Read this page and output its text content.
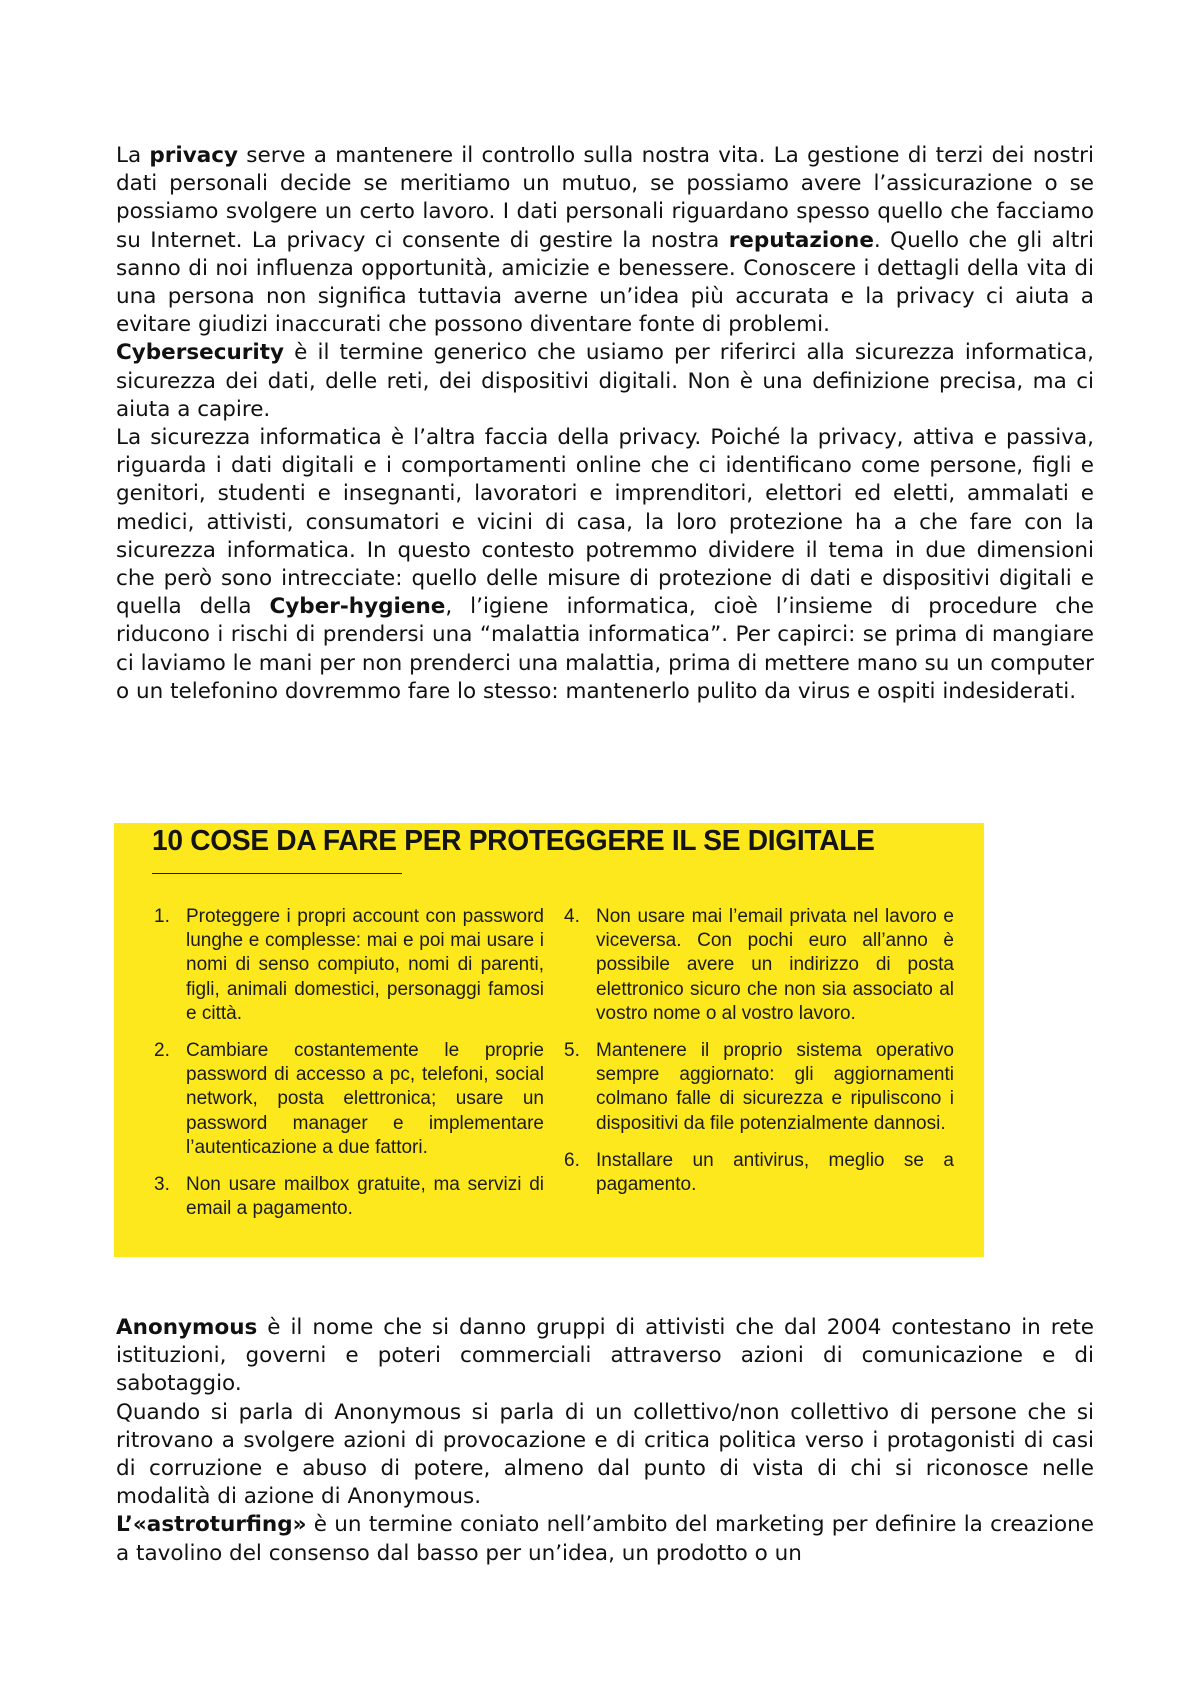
La privacy serve a mantenere il controllo sulla nostra vita. La gestione di terzi dei nostri dati personali decide se meritiamo un mutuo, se possiamo avere l’assicurazione o se possiamo svolgere un certo lavoro. I dati personali riguardano spesso quello che facciamo su Internet. La privacy ci consente di gestire la nostra reputazione. Quello che gli altri sanno di noi influenza opportunità, amicizie e benessere. Conoscere i dettagli della vita di una persona non significa tuttavia averne un’idea più accurata e la privacy ci aiuta a evitare giudizi inaccurati che possono diventare fonte di problemi.

Cybersecurity è il termine generico che usiamo per riferirci alla sicurezza informatica, sicurezza dei dati, delle reti, dei dispositivi digitali. Non è una definizione precisa, ma ci aiuta a capire.

La sicurezza informatica è l’altra faccia della privacy. Poiché la privacy, attiva e passiva, riguarda i dati digitali e i comportamenti online che ci identificano come persone, figli e genitori, studenti e insegnanti, lavoratori e imprenditori, elettori ed eletti, ammalati e medici, attivisti, consumatori e vicini di casa, la loro protezione ha a che fare con la sicurezza informatica. In questo contesto potremmo dividere il tema in due dimensioni che però sono intrecciate: quello delle misure di protezione di dati e dispositivi digitali e quella della Cyber-hygiene, l’igiene informatica, cioè l’insieme di procedure che riducono i rischi di prendersi una “malattia informatica”. Per capirci: se prima di mangiare ci laviamo le mani per non prenderci una malattia, prima di mettere mano su un computer o un telefonino dovremmo fare lo stesso: mantenerlo pulito da virus e ospiti indesiderati.

10 COSE DA FARE PER PROTEGGERE IL SE DIGITALE
1. Proteggere i propri account con password lunghe e complesse: mai e poi mai usare i nomi di senso compiuto, nomi di parenti, figli, animali domestici, personaggi famosi e città.
2. Cambiare costantemente le proprie password di accesso a pc, telefoni, social network, posta elettronica; usare un password manager e implementare l’autenticazione a due fattori.
3. Non usare mailbox gratuite, ma servizi di email a pagamento.
4. Non usare mai l’email privata nel lavoro e viceversa. Con pochi euro all’anno è possibile avere un indirizzo di posta elettronico sicuro che non sia associato al vostro nome o al vostro lavoro.
5. Mantenere il proprio sistema operativo sempre aggiornato: gli aggiornamenti colmano falle di sicurezza e ripuliscono i dispositivi da file potenzialmente dannosi.
6. Installare un antivirus, meglio se a pagamento.

Anonymous è il nome che si danno gruppi di attivisti che dal 2004 contestano in rete istituzioni, governi e poteri commerciali attraverso azioni di comunicazione e di sabotaggio.

Quando si parla di Anonymous si parla di un collettivo/non collettivo di persone che si ritrovano a svolgere azioni di provocazione e di critica politica verso i protagonisti di casi di corruzione e abuso di potere, almeno dal punto di vista di chi si riconosce nelle modalità di azione di Anonymous.

L’«astroturfing» è un termine coniato nell’ambito del marketing per definire la creazione a tavolino del consenso dal basso per un’idea, un prodotto o un
